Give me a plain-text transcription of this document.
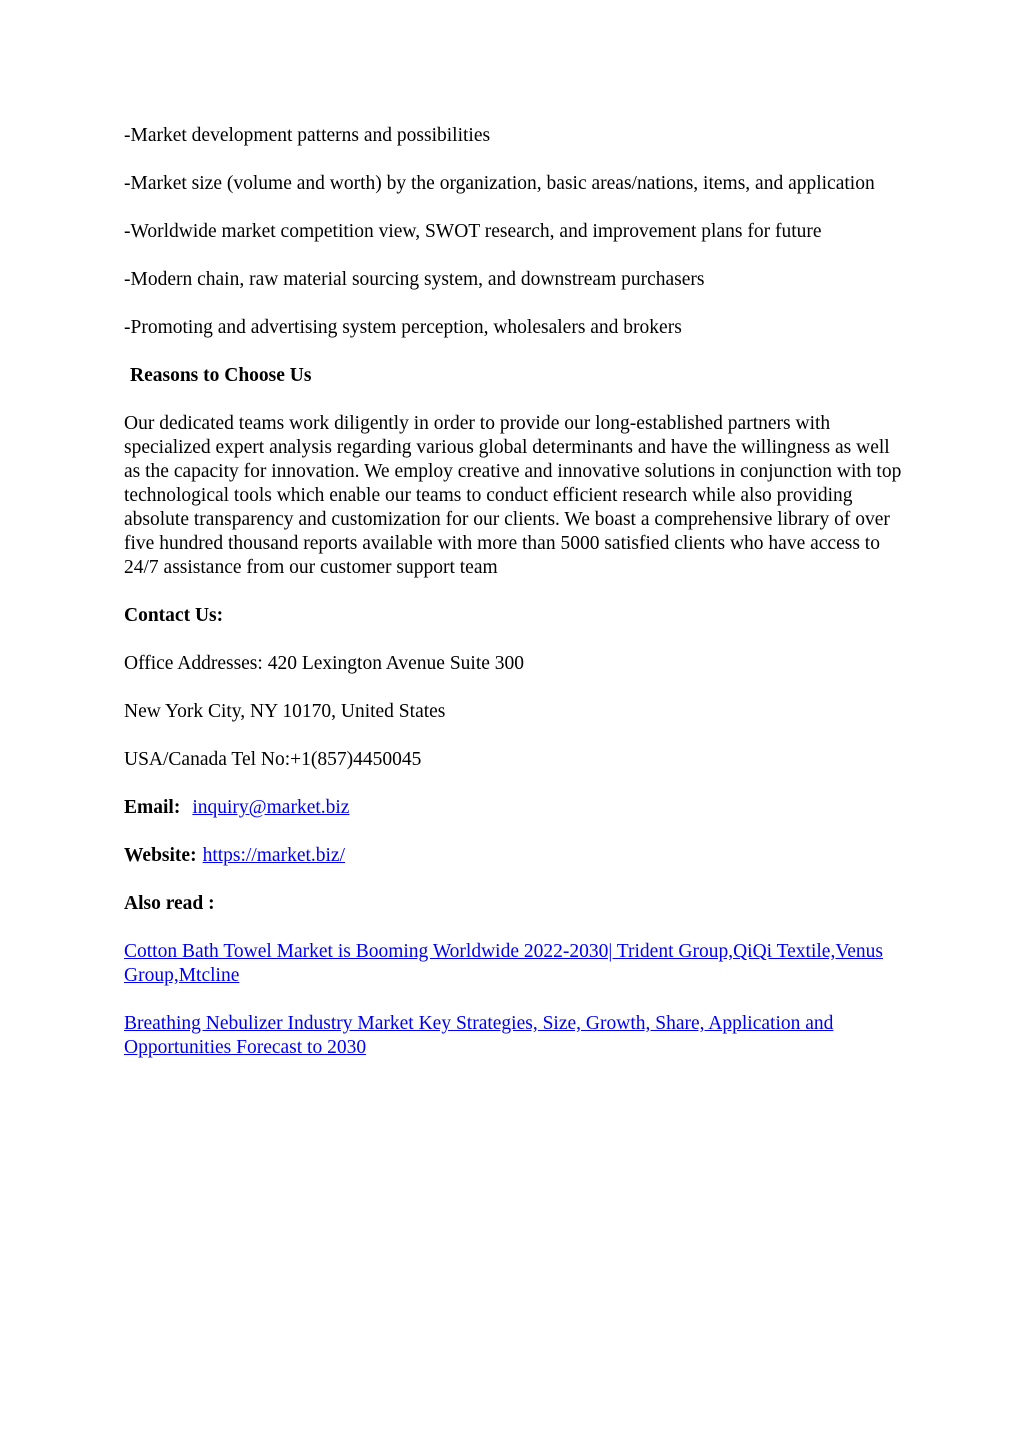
-Market development patterns and possibilities

-Market size (volume and worth) by the organization, basic areas/nations, items, and application

-Worldwide market competition view, SWOT research, and improvement plans for future

-Modern chain, raw material sourcing system, and downstream purchasers

-Promoting and advertising system perception, wholesalers and brokers

Reasons to Choose Us

Our dedicated teams work diligently in order to provide our long-established partners with specialized expert analysis regarding various global determinants and have the willingness as well as the capacity for innovation. We employ creative and innovative solutions in conjunction with top technological tools which enable our teams to conduct efficient research while also providing absolute transparency and customization for our clients. We boast a comprehensive library of over five hundred thousand reports available with more than 5000 satisfied clients who have access to 24/7 assistance from our customer support team

Contact Us:

Office Addresses: 420 Lexington Avenue Suite 300

New York City, NY 10170, United States

USA/Canada Tel No:+1(857)4450045

Email: inquiry@market.biz

Website: https://market.biz/

Also read :

Cotton Bath Towel Market is Booming Worldwide 2022-2030| Trident Group,QiQi Textile,Venus Group,Mtcline

Breathing Nebulizer Industry Market Key Strategies, Size, Growth, Share, Application and Opportunities Forecast to 2030
